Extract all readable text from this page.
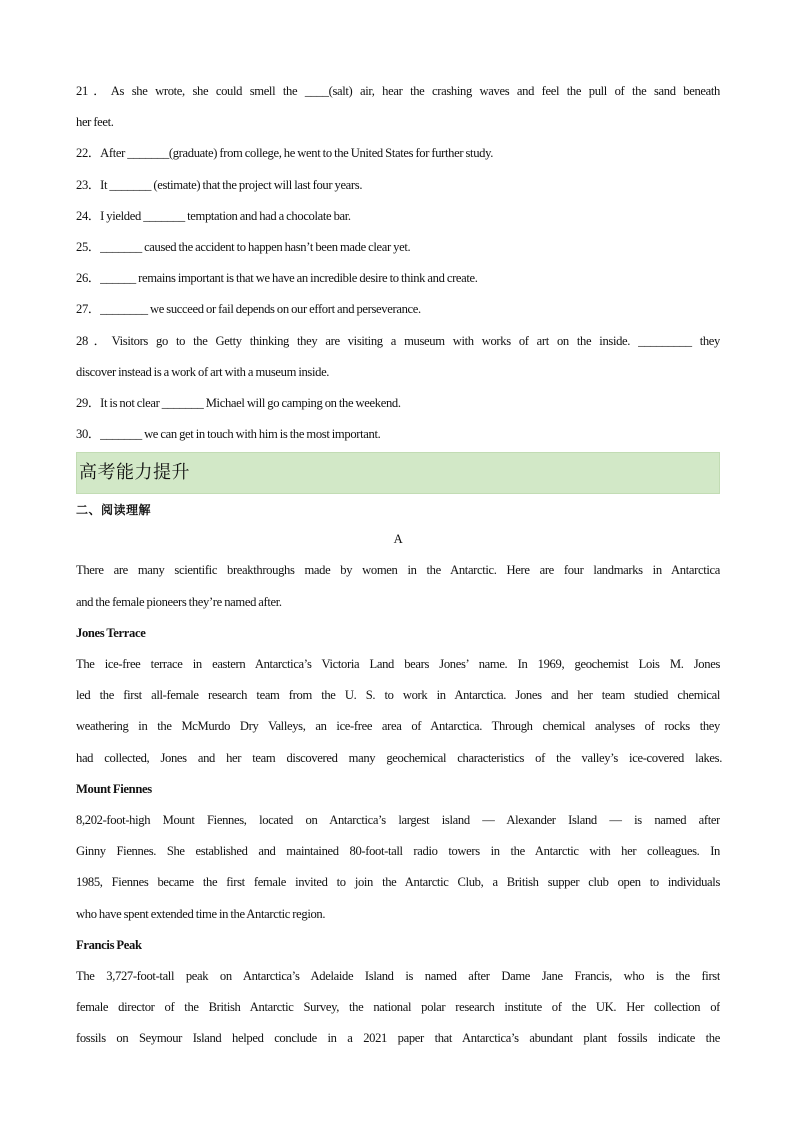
21．As she wrote, she could smell the ____(salt) air, hear the crashing waves and feel the pull of the sand beneath
her feet.
22．After _______(graduate) from college, he went to the United States for further study.
23．It _______ (estimate) that the project will last four years.
24．I yielded _______ temptation and had a chocolate bar.
25．_______ caused the accident to happen hasn’t been made clear yet.
26．______ remains important is that we have an incredible desire to think and create.
27．________ we succeed or fail depends on our effort and perseverance.
28．Visitors go to the Getty thinking they are visiting a museum with works of art on the inside. _________ they
discover instead is a work of art with a museum inside.
29．It is not clear _______ Michael will go camping on the weekend.
30．_______ we can get in touch with him is the most important.
高考能力提升
二、阅读理解
A
There are many scientific breakthroughs made by women in the Antarctic. Here are four landmarks in Antarctica
and the female pioneers they’re named after.
Jones Terrace
The ice-free terrace in eastern Antarctica’s Victoria Land bears Jones’ name. In 1969, geochemist Lois M. Jones
led the first all-female research team from the U. S. to work in Antarctica. Jones and her team studied chemical
weathering in the McMurdo Dry Valleys, an ice-free area of Antarctica. Through chemical analyses of rocks they
had collected, Jones and her team discovered many geochemical characteristics of the valley’s ice-covered lakes.
Mount Fiennes
8,202-foot-high Mount Fiennes, located on Antarctica’s largest island — Alexander Island — is named after
Ginny Fiennes. She established and maintained 80-foot-tall radio towers in the Antarctic with her colleagues. In
1985, Fiennes became the first female invited to join the Antarctic Club, a British supper club open to individuals
who have spent extended time in the Antarctic region.
Francis Peak
The 3,727-foot-tall peak on Antarctica’s Adelaide Island is named after Dame Jane Francis, who is the first
female director of the British Antarctic Survey, the national polar research institute of the UK. Her collection of
fossils on Seymour Island helped conclude in a 2021 paper that Antarctica’s abundant plant fossils indicate the
